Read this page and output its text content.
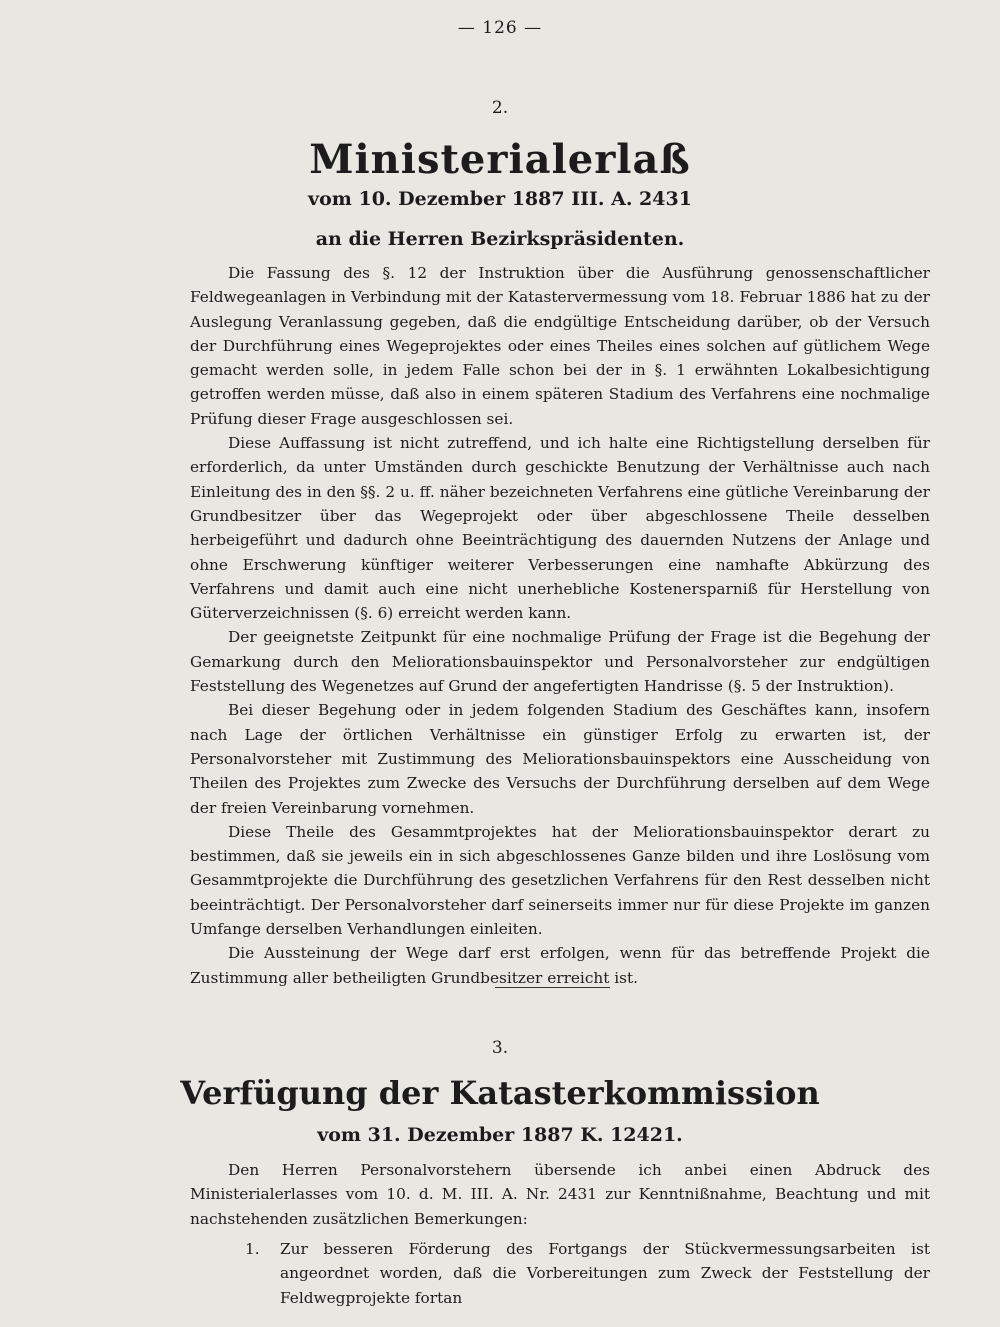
— 126 —
2.
Ministerialerlaß
vom 10. Dezember 1887 III. A. 2431
an die Herren Bezirkspräsidenten.

Die Fassung des §. 12 der Instruktion über die Ausführung genossenschaftlicher Feldwegeanlagen in Verbindung mit der Katastervermessung vom 18. Februar 1886 hat zu der Auslegung Veranlassung gegeben, daß die endgültige Entscheidung darüber, ob der Versuch der Durchführung eines Wegeprojektes oder eines Theiles eines solchen auf gütlichem Wege gemacht werden solle, in jedem Falle schon bei der in §. 1 erwähnten Lokalbesichtigung getroffen werden müsse, daß also in einem späteren Stadium des Verfahrens eine nochmalige Prüfung dieser Frage ausgeschlossen sei.

Diese Auffassung ist nicht zutreffend, und ich halte eine Richtigstellung derselben für erforderlich, da unter Umständen durch geschickte Benutzung der Verhältnisse auch nach Einleitung des in den §§. 2 u. ff. näher bezeichneten Verfahrens eine gütliche Vereinbarung der Grundbesitzer über das Wegeprojekt oder über abgeschlossene Theile desselben herbeigeführt und dadurch ohne Beeinträchtigung des dauernden Nutzens der Anlage und ohne Erschwerung künftiger weiterer Verbesserungen eine namhafte Abkürzung des Verfahrens und damit auch eine nicht unerhebliche Kostenersparniß für Herstellung von Güterverzeichnissen (§. 6) erreicht werden kann.

Der geeignetste Zeitpunkt für eine nochmalige Prüfung der Frage ist die Begehung der Gemarkung durch den Meliorationsbauinspektor und Personalvorsteher zur endgültigen Feststellung des Wegenetzes auf Grund der angefertigten Handrisse (§. 5 der Instruktion).

Bei dieser Begehung oder in jedem folgenden Stadium des Geschäftes kann, insofern nach Lage der örtlichen Verhältnisse ein günstiger Erfolg zu erwarten ist, der Personalvorsteher mit Zustimmung des Meliorationsbauinspektors eine Ausscheidung von Theilen des Projektes zum Zwecke des Versuchs der Durchführung derselben auf dem Wege der freien Vereinbarung vornehmen.

Diese Theile des Gesammtprojektes hat der Meliorationsbauinspektor derart zu bestimmen, daß sie jeweils ein in sich abgeschlossenes Ganze bilden und ihre Loslösung vom Gesammtprojekte die Durchführung des gesetzlichen Verfahrens für den Rest desselben nicht beeinträchtigt. Der Personalvorsteher darf seinerseits immer nur für diese Projekte im ganzen Umfange derselben Verhandlungen einleiten.

Die Aussteinung der Wege darf erst erfolgen, wenn für das betreffende Projekt die Zustimmung aller betheiligten Grundbesitzer erreicht ist.

3.
Verfügung der Katasterkommission
vom 31. Dezember 1887 K. 12421.

Den Herren Personalvorstehern übersende ich anbei einen Abdruck des Ministerialerlasses vom 10. d. M. III. A. Nr. 2431 zur Kenntnißnahme, Beachtung und mit nachstehenden zusätzlichen Bemerkungen:

1.	Zur besseren Förderung des Fortgangs der Stückvermessungsarbeiten ist angeordnet worden, daß die Vorbereitungen zum Zweck der Feststellung der Feldwegprojekte fortan
